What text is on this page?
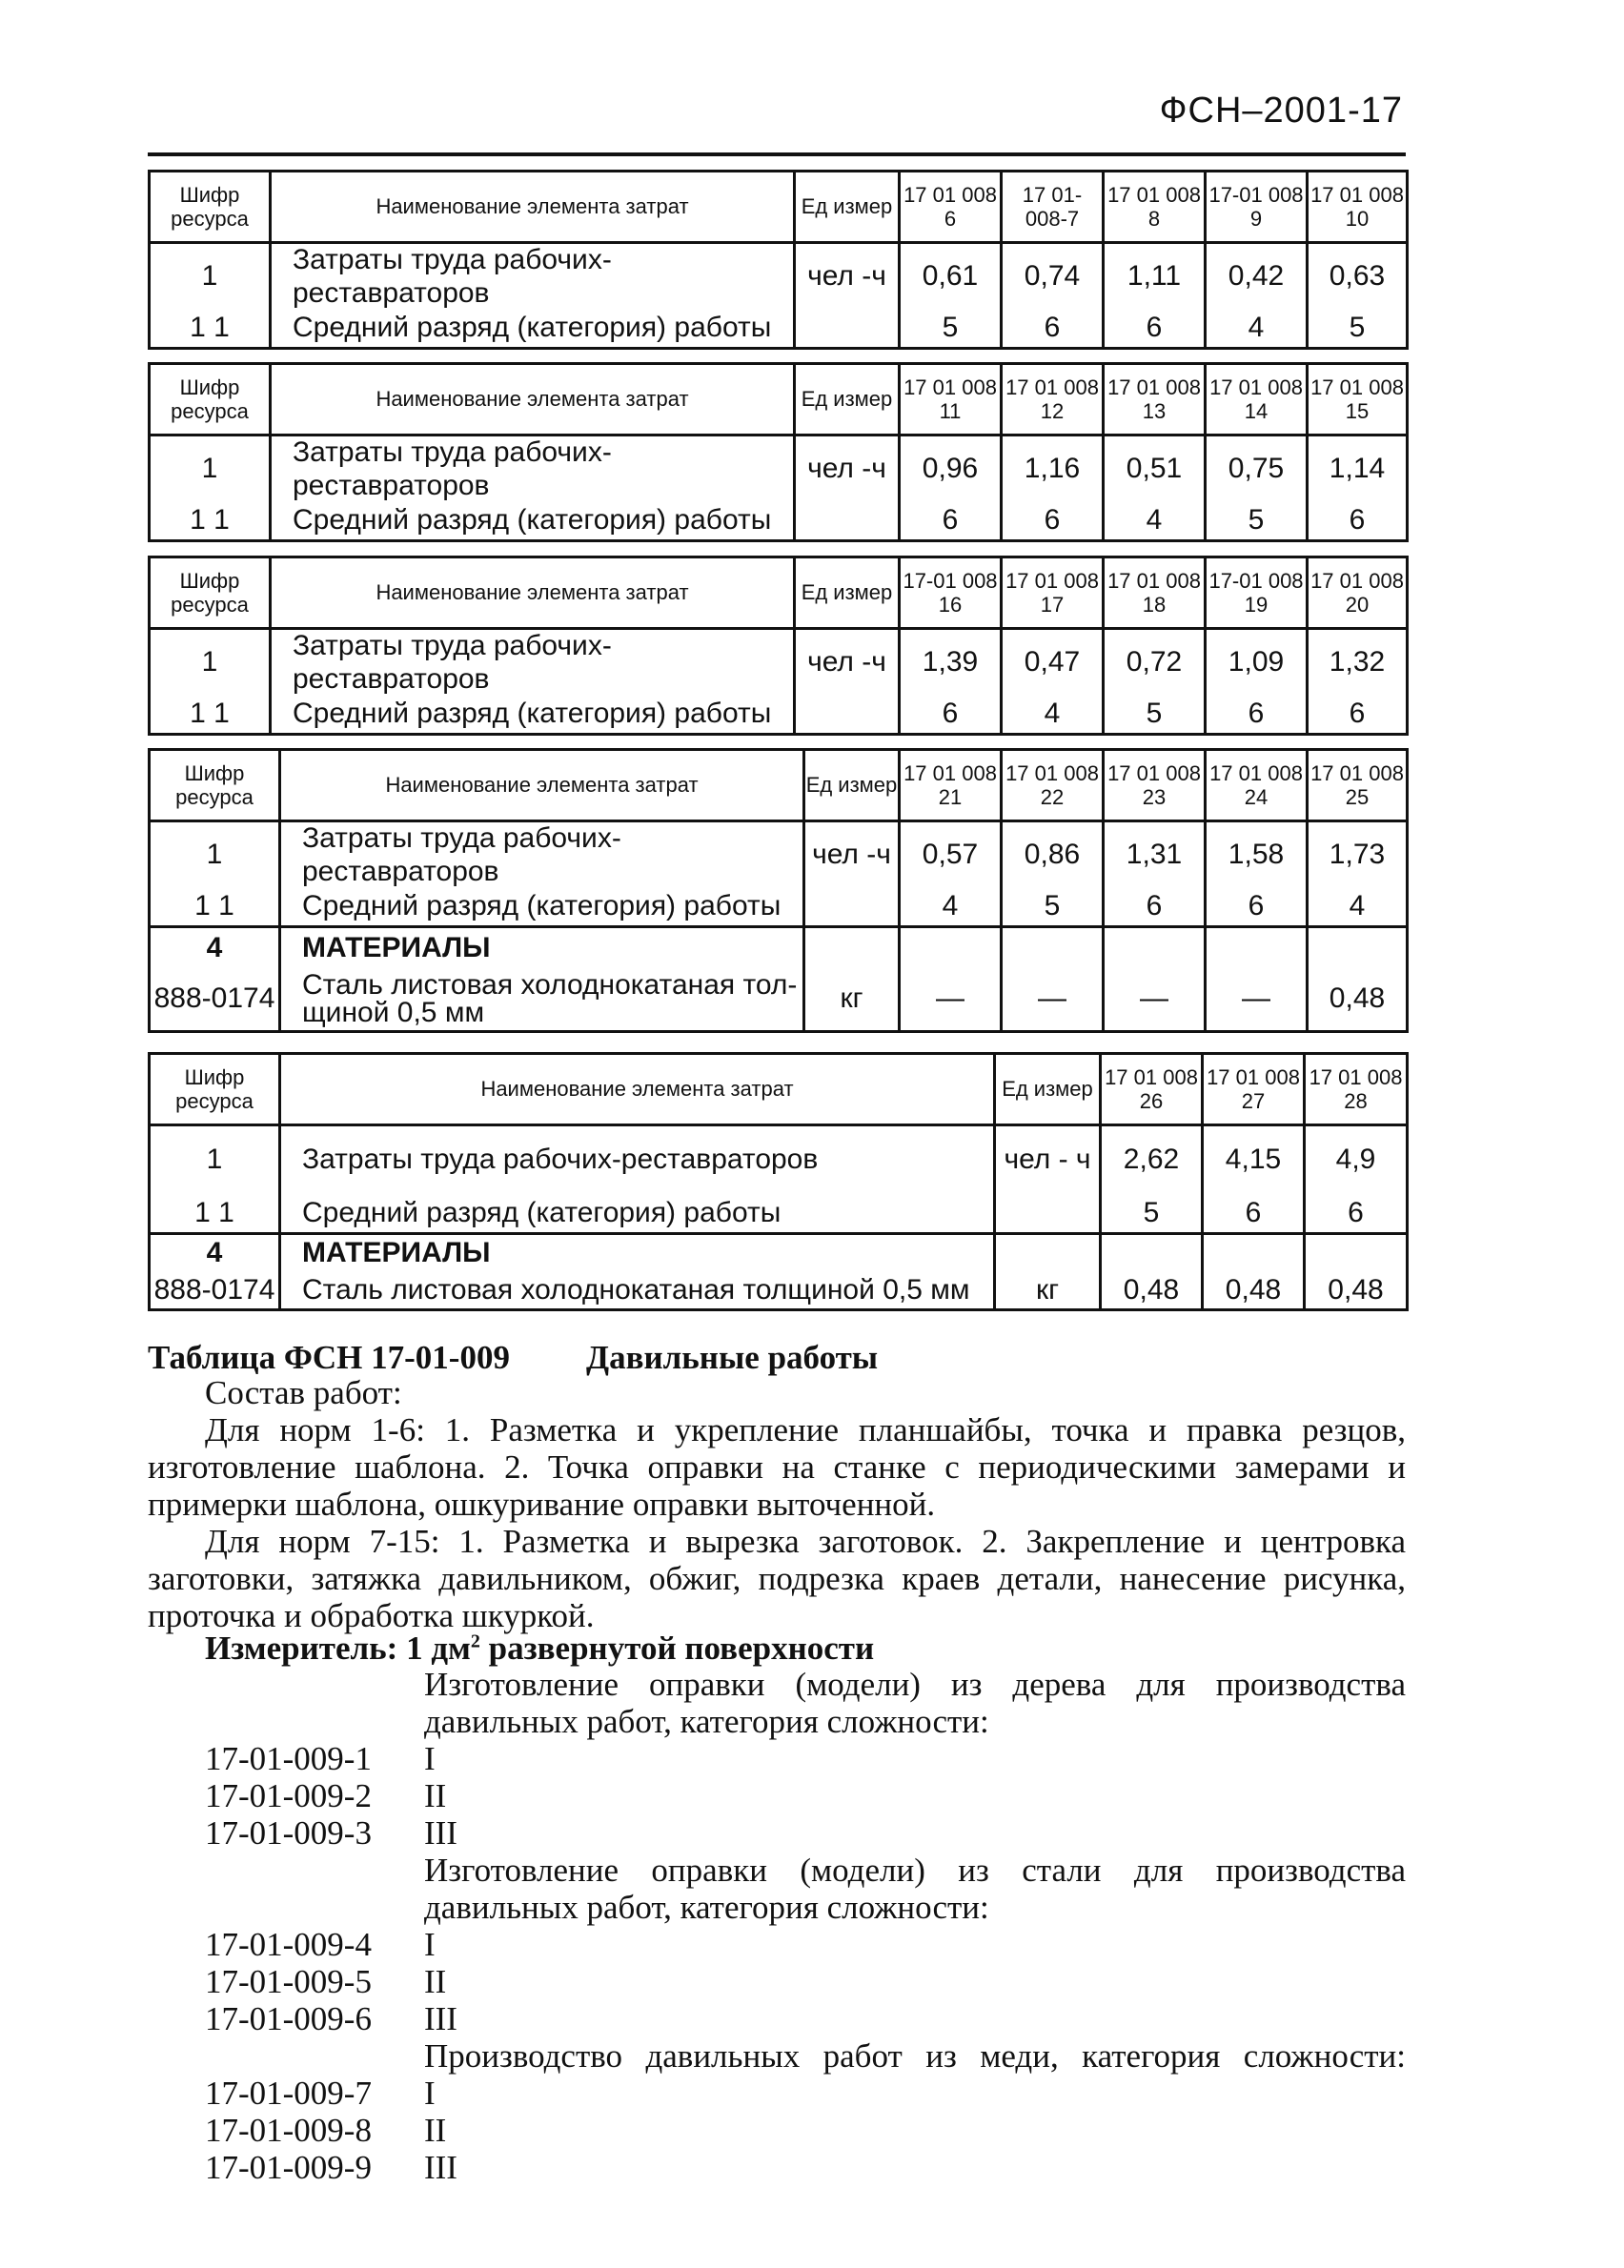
ФСН–2001-17
Шифр ресурса	Наименование элемента затрат	Ед измер	17 01 008 6	17 01- 008-7	17 01 008 8	17-01 008 9	17 01 008 10
1	Затраты труда рабочих-реставраторов	чел -ч	0,61	0,74	1,11	0,42	0,63
1 1	Средний разряд (категория) работы		5	6	6	4	5
Шифр ресурса	Наименование элемента затрат	Ед измер	17 01 008 11	17 01 008 12	17 01 008 13	17 01 008 14	17 01 008 15
1	Затраты труда рабочих-реставраторов	чел -ч	0,96	1,16	0,51	0,75	1,14
1 1	Средний разряд (категория) работы		6	6	4	5	6
Шифр ресурса	Наименование элемента затрат	Ед измер	17-01 008 16	17 01 008 17	17 01 008 18	17-01 008 19	17 01 008 20
1	Затраты труда рабочих-реставраторов	чел -ч	1,39	0,47	0,72	1,09	1,32
1 1	Средний разряд (категория) работы		6	4	5	6	6
Шифр ресурса	Наименование элемента затрат	Ед измер	17 01 008 21	17 01 008 22	17 01 008 23	17 01 008 24	17 01 008 25
1	Затраты труда рабочих-реставраторов	чел -ч	0,57	0,86	1,31	1,58	1,73
1 1	Средний разряд (категория) работы		4	5	6	6	4
4	МАТЕРИАЛЫ						
888-0174	Сталь листовая холоднокатаная тол-щиной 0,5 мм	кг	—	—	—	—	0,48
Шифр ресурса	Наименование элемента затрат	Ед измер	17 01 008 26	17 01 008 27	17 01 008 28
1	Затраты труда рабочих-реставраторов	чел - ч	2,62	4,15	4,9
1 1	Средний разряд (категория) работы		5	6	6
4	МАТЕРИАЛЫ				
888-0174	Сталь листовая холоднокатаная толщиной 0,5 мм	кг	0,48	0,48	0,48
Таблица ФСН 17-01-009 Давильные работы
Состав работ:
Для норм 1-6: 1. Разметка и укрепление планшайбы, точка и правка резцов, изготовление шаблона. 2. Точка оправки на станке с периодическими замерами и примерки шаблона, ошкуривание оправки выточенной.
Для норм 7-15: 1. Разметка и вырезка заготовок. 2. Закрепление и центровка заготовки, затяжка давильником, обжиг, подрезка краев детали, нанесение рисунка, проточка и обработка шкуркой.
Измеритель: 1 $дм^2$ развернутой поверхности
Изготовление оправки (модели) из дерева для производства
давильных работ, категория сложности:
17-01-009-1 I
17-01-009-2 II
17-01-009-3 III
Изготовление оправки (модели) из стали для производства
давильных работ, категория сложности:
17-01-009-4 I
17-01-009-5 II
17-01-009-6 III
Производство давильных работ из меди, категория сложности:
17-01-009-7 I
17-01-009-8 II
17-01-009-9 III
